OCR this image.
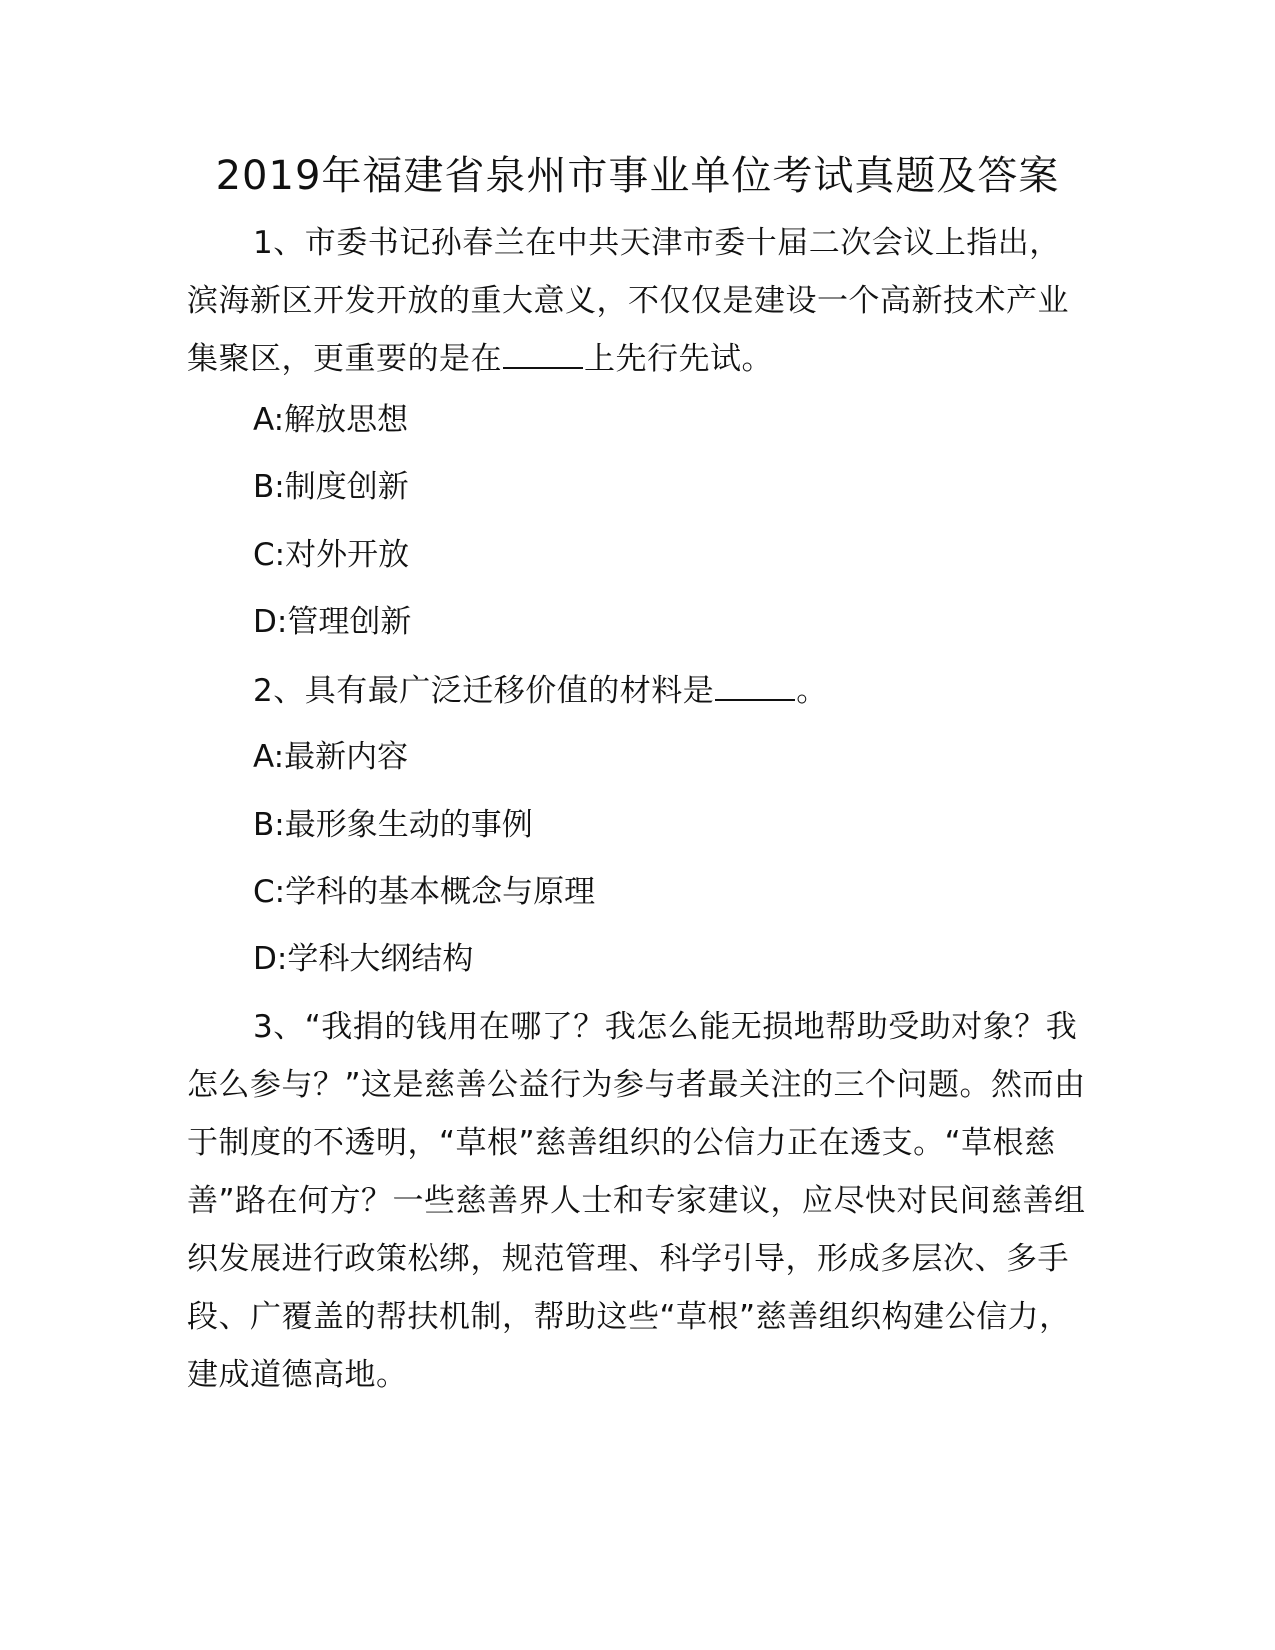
2019年福建省泉州市事业单位考试真题及答案

1、市委书记孙春兰在中共天津市委十届二次会议上指出，滨海新区开发开放的重大意义，不仅仅是建设一个高新技术产业集聚区，更重要的是在	上先行先试。

A:解放思想
B:制度创新
C:对外开放
D:管理创新

2、具有最广泛迁移价值的材料是	。

A:最新内容
B:最形象生动的事例
C:学科的基本概念与原理
D:学科大纲结构

3、“我捐的钱用在哪了？我怎么能无损地帮助受助对象？我怎么参与？”这是慈善公益行为参与者最关注的三个问题。然而由于制度的不透明，“草根”慈善组织的公信力正在透支。“草根慈善”路在何方？一些慈善界人士和专家建议，应尽快对民间慈善组织发展进行政策松绑，规范管理、科学引导，形成多层次、多手段、广覆盖的帮扶机制，帮助这些“草根”慈善组织构建公信力，建成道德高地。
